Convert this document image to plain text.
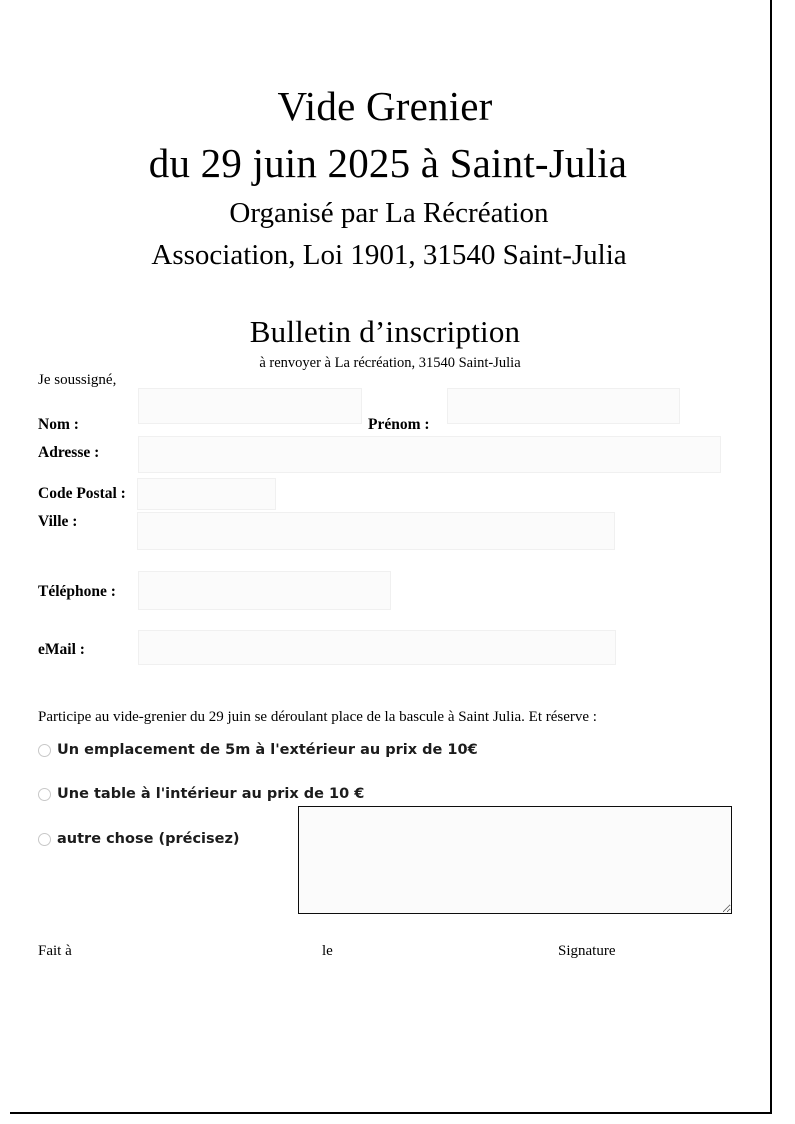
Vide Grenier
du 29 juin 2025 à Saint-Julia
Organisé par La Récréation
Association, Loi 1901, 31540 Saint-Julia
Bulletin d’inscription
à renvoyer à La récréation, 31540 Saint-Julia
Je soussigné,
Nom :	Prénom :
Adresse :
Code Postal :
Ville :
Téléphone :
eMail :
Participe au vide-grenier du 29 juin se déroulant place de la bascule à Saint Julia. Et réserve :
Un emplacement de 5m à l'extérieur au prix de 10€
Une table à l'intérieur au prix de 10 €
autre chose (précisez)
Fait à	le	Signature
